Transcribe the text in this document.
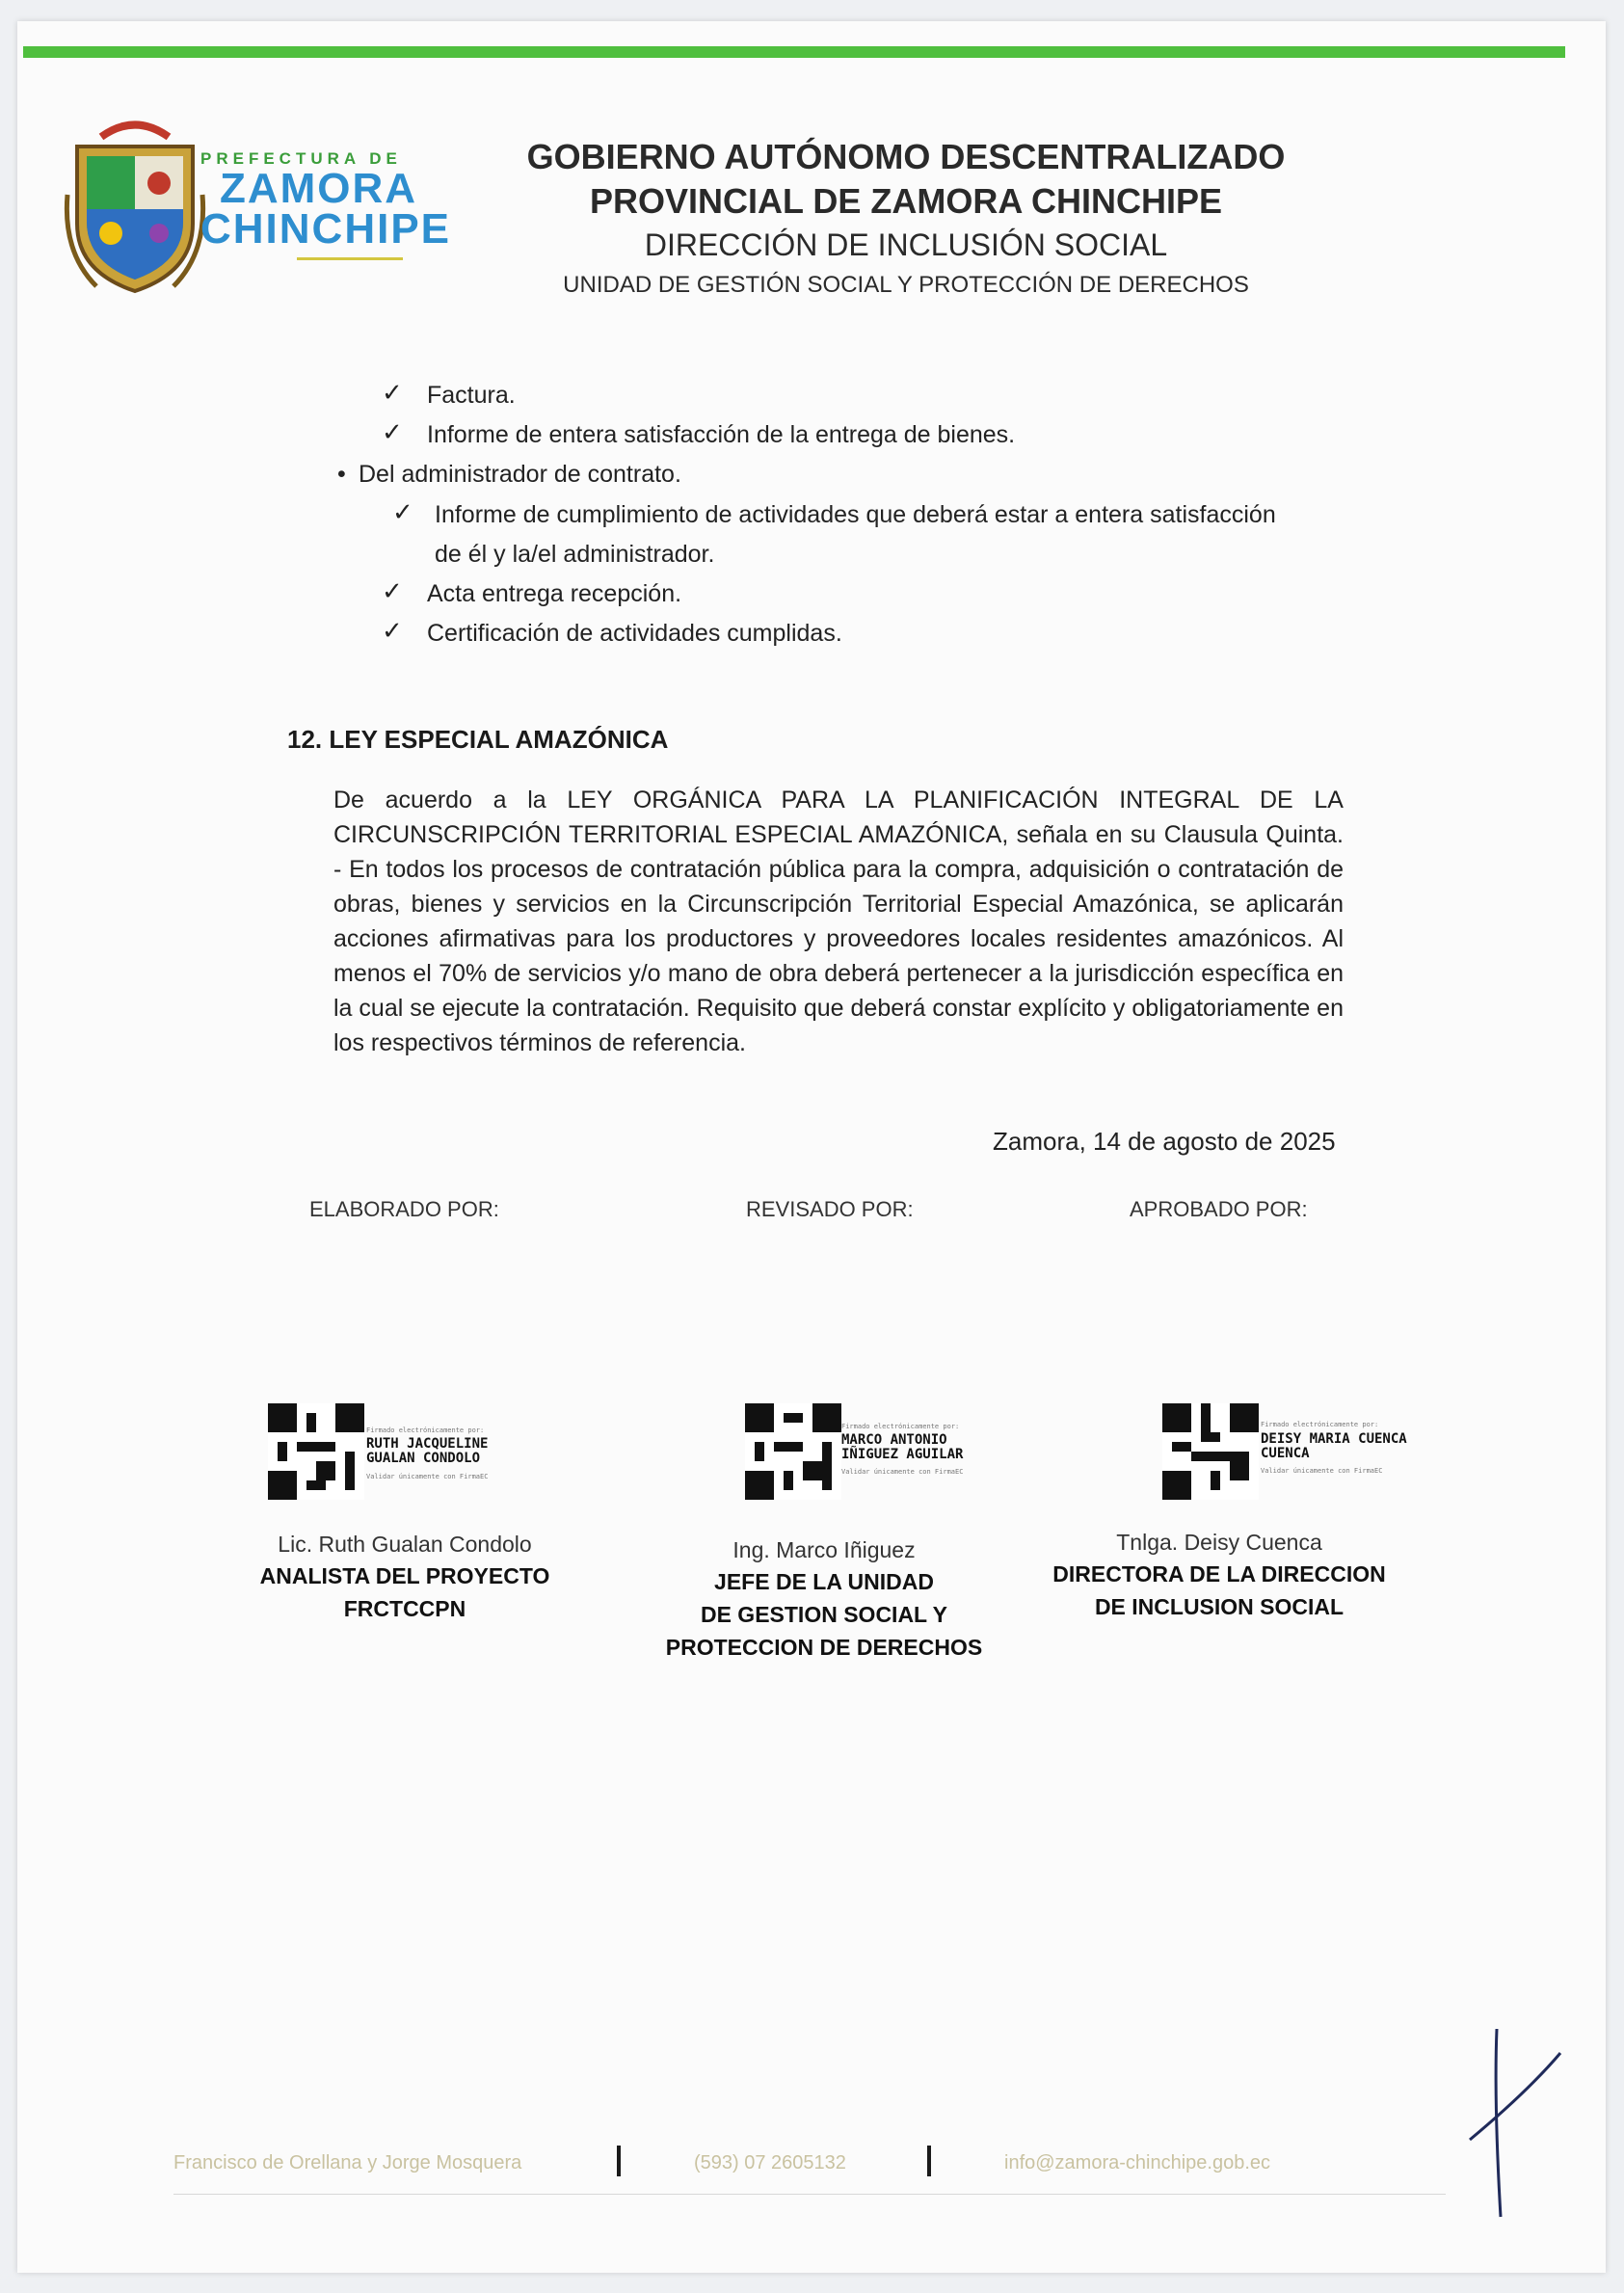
PREFECTURA DE
ZAMORA
CHINCHIPE
GOBIERNO AUTÓNOMO DESCENTRALIZADO
PROVINCIAL DE ZAMORA CHINCHIPE
DIRECCIÓN DE INCLUSIÓN SOCIAL
UNIDAD DE GESTIÓN SOCIAL Y PROTECCIÓN DE DERECHOS
✓ Factura.
✓ Informe de entera satisfacción de la entrega de bienes.
• Del administrador de contrato.
✓ Informe de cumplimiento de actividades que deberá estar a entera satisfacción
de él y la/el administrador.
✓ Acta entrega recepción.
✓ Certificación de actividades cumplidas.
12. LEY ESPECIAL AMAZÓNICA
De acuerdo a la LEY ORGÁNICA PARA LA PLANIFICACIÓN INTEGRAL DE LA CIRCUNSCRIPCIÓN TERRITORIAL ESPECIAL AMAZÓNICA, señala en su Clausula Quinta. - En todos los procesos de contratación pública para la compra, adquisición o contratación de obras, bienes y servicios en la Circunscripción Territorial Especial Amazónica, se aplicarán acciones afirmativas para los productores y proveedores locales residentes amazónicos. Al menos el 70% de servicios y/o mano de obra deberá pertenecer a la jurisdicción específica en la cual se ejecute la contratación. Requisito que deberá constar explícito y obligatoriamente en los respectivos términos de referencia.
Zamora, 14 de agosto de 2025
ELABORADO POR:	REVISADO POR:	APROBADO POR:
Firmado electrónicamente por:
RUTH JACQUELINE
GUALAN CONDOLO
Validar únicamente con FirmaEC
Lic. Ruth Gualan Condolo
ANALISTA DEL PROYECTO
FRCTCCPN
Firmado electrónicamente por:
MARCO ANTONIO
IÑIGUEZ AGUILAR
Validar únicamente con FirmaEC
Ing. Marco Iñiguez
JEFE DE LA UNIDAD
DE GESTION SOCIAL Y
PROTECCION DE DERECHOS
Firmado electrónicamente por:
DEISY MARIA CUENCA
CUENCA
Validar únicamente con FirmaEC
Tnlga. Deisy Cuenca
DIRECTORA DE LA DIRECCION
DE INCLUSION SOCIAL
Francisco de Orellana y Jorge Mosquera	(593) 07 2605132	info@zamora-chinchipe.gob.ec
